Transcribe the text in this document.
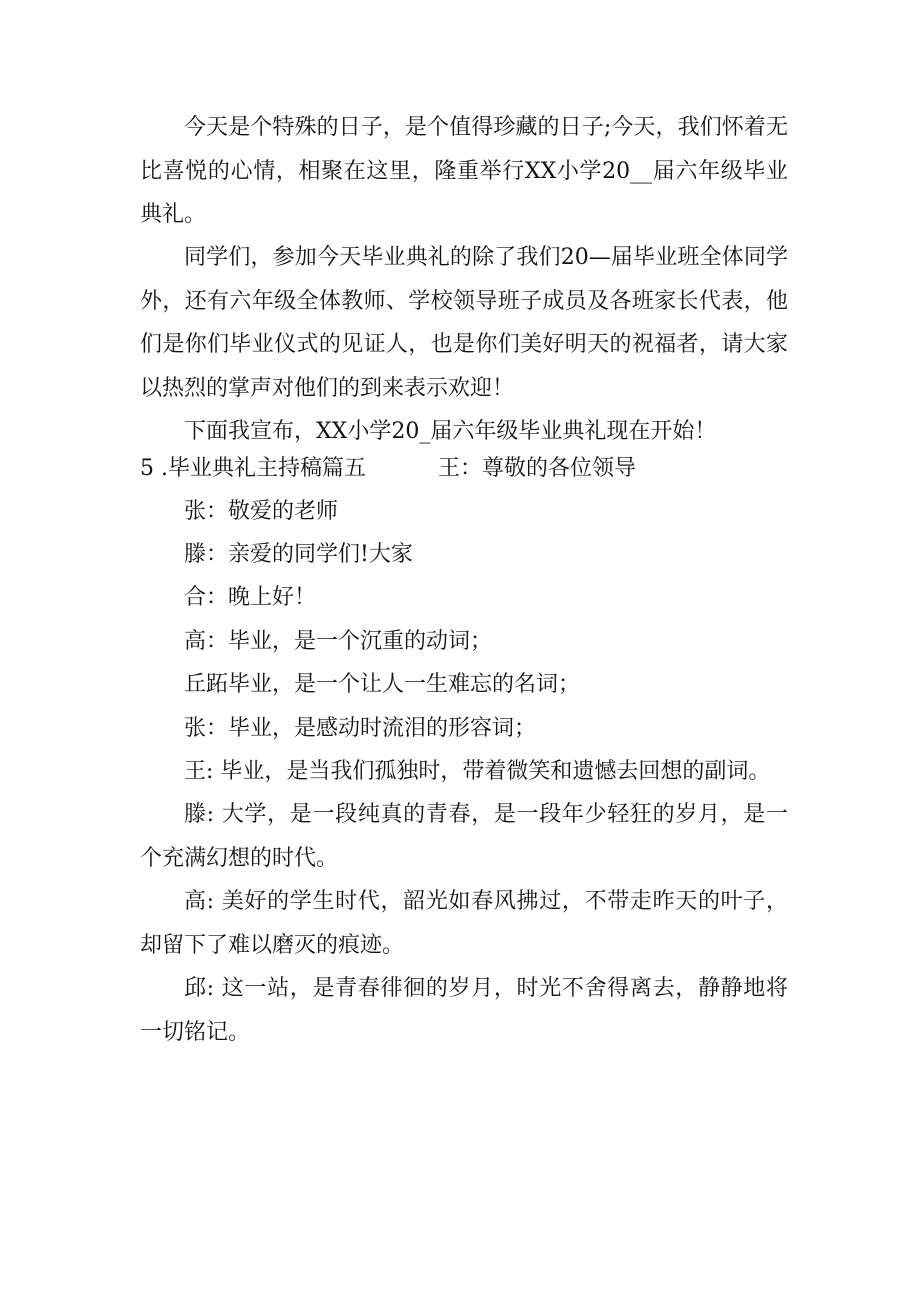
今天是个特殊的日子，是个值得珍藏的日子;今天，我们怀着无比喜悦的心情，相聚在这里，隆重举行XX小学20__届六年级毕业典礼。
同学们，参加今天毕业典礼的除了我们20—届毕业班全体同学外，还有六年级全体教师、学校领导班子成员及各班家长代表，他们是你们毕业仪式的见证人，也是你们美好明天的祝福者，请大家以热烈的掌声对他们的到来表示欢迎！
下面我宣布，XX小学20_届六年级毕业典礼现在开始！
5 .毕业典礼主持稿篇五	王：尊敬的各位领导
张：敬爱的老师
滕：亲爱的同学们!大家
合：晚上好！
高：毕业，是一个沉重的动词；
丘跖毕业，是一个让人一生难忘的名词；
张：毕业，是感动时流泪的形容词；
王: 毕业，是当我们孤独时，带着微笑和遗憾去回想的副词。
滕: 大学，是一段纯真的青春，是一段年少轻狂的岁月，是一个充满幻想的时代。
高: 美好的学生时代，韶光如春风拂过，不带走昨天的叶子，却留下了难以磨灭的痕迹。
邱: 这一站，是青春徘徊的岁月，时光不舍得离去，静静地将一切铭记。
